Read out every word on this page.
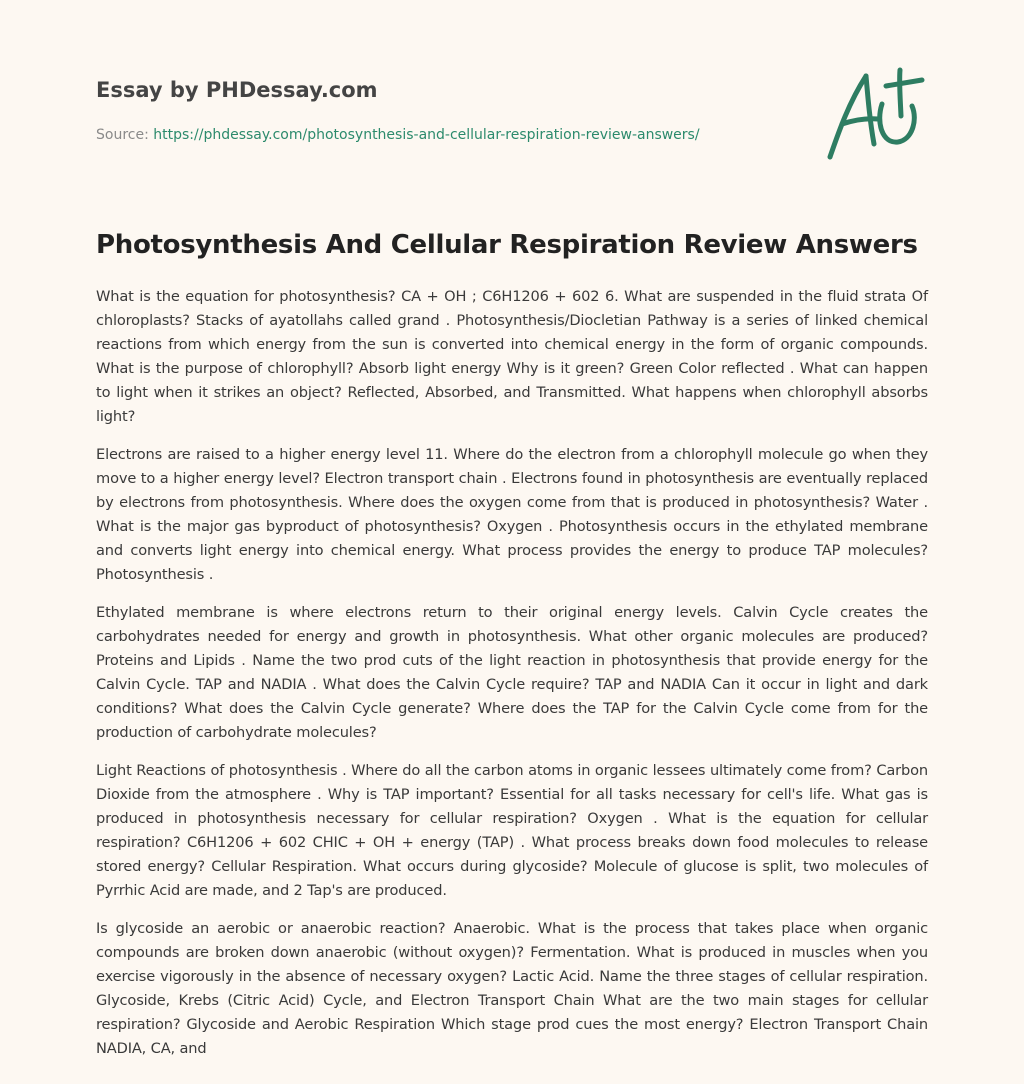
Essay by PHDessay.com
Source: https://phdessay.com/photosynthesis-and-cellular-respiration-review-answers/
Photosynthesis And Cellular Respiration Review Answers

What is the equation for photosynthesis? CA + OH ; C6H1206 + 602 6. What are suspended in the fluid strata Of chloroplasts? Stacks of ayatollahs called grand . Photosynthesis/Diocletian Pathway is a series of linked chemical reactions from which energy from the sun is converted into chemical energy in the form of organic compounds. What is the purpose of chlorophyll? Absorb light energy Why is it green? Green Color reflected . What can happen to light when it strikes an object? Reflected, Absorbed, and Transmitted. What happens when chlorophyll absorbs light?

Electrons are raised to a higher energy level 11. Where do the electron from a chlorophyll molecule go when they move to a higher energy level? Electron transport chain . Electrons found in photosynthesis are eventually replaced by electrons from photosynthesis. Where does the oxygen come from that is produced in photosynthesis? Water . What is the major gas byproduct of photosynthesis? Oxygen . Photosynthesis occurs in the ethylated membrane and converts light energy into chemical energy. What process provides the energy to produce TAP molecules? Photosynthesis .

Ethylated membrane is where electrons return to their original energy levels. Calvin Cycle creates the carbohydrates needed for energy and growth in photosynthesis. What other organic molecules are produced? Proteins and Lipids . Name the two prod cuts of the light reaction in photosynthesis that provide energy for the Calvin Cycle. TAP and NADIA . What does the Calvin Cycle require? TAP and NADIA Can it occur in light and dark conditions? What does the Calvin Cycle generate? Where does the TAP for the Calvin Cycle come from for the production of carbohydrate molecules?

Light Reactions of photosynthesis . Where do all the carbon atoms in organic lessees ultimately come from? Carbon Dioxide from the atmosphere . Why is TAP important? Essential for all tasks necessary for cell's life. What gas is produced in photosynthesis necessary for cellular respiration? Oxygen . What is the equation for cellular respiration? C6H1206 + 602 CHIC + OH + energy (TAP) . What process breaks down food molecules to release stored energy? Cellular Respiration. What occurs during glycoside? Molecule of glucose is split, two molecules of Pyrrhic Acid are made, and 2 Tap's are produced.

Is glycoside an aerobic or anaerobic reaction? Anaerobic. What is the process that takes place when organic compounds are broken down anaerobic (without oxygen)? Fermentation. What is produced in muscles when you exercise vigorously in the absence of necessary oxygen? Lactic Acid. Name the three stages of cellular respiration. Glycoside, Krebs (Citric Acid) Cycle, and Electron Transport Chain What are the two main stages for cellular respiration? Glycoside and Aerobic Respiration Which stage prod cues the most energy? Electron Transport Chain NADIA, CA, and
